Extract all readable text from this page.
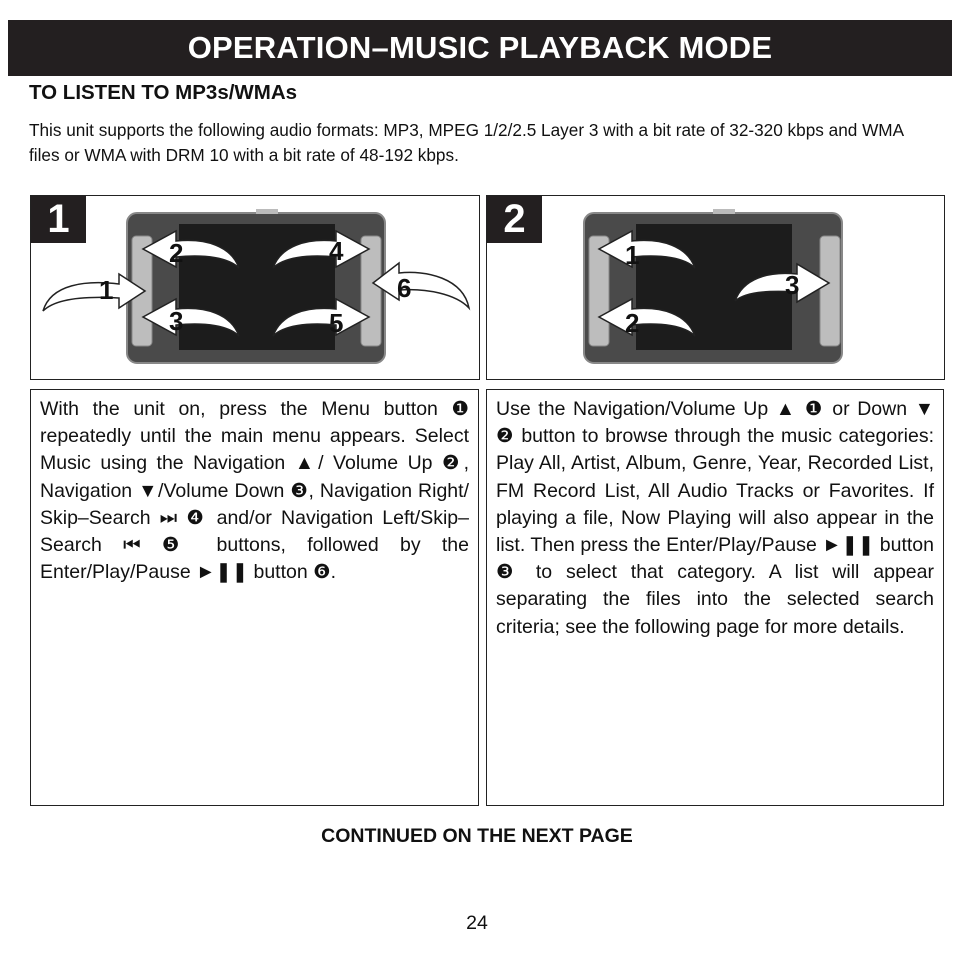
OPERATION–MUSIC PLAYBACK MODE
TO LISTEN TO MP3s/WMAs
This unit supports the following audio formats: MP3, MPEG 1/2/2.5 Layer 3 with a bit rate of 32-320 kbps and WMA files or WMA with DRM 10 with a bit rate of 48-192 kbps.
1
2
3
4
5
6
1
1
2
3
2
With the unit on, press the Menu button ❶ repeatedly until the main menu appears. Select Music using the Navigation ▲/ Volume Up ❷, Navigation ▼/Volume Down ❸, Navigation Right/ Skip–Search ⏭ ❹ and/or Navigation Left/Skip–Search ⏮ ❺ buttons, followed by the Enter/Play/Pause ►❚❚ button ❻.
Use the Navigation/Volume Up ▲ ❶ or Down ▼ ❷ button to browse through the music categories: Play All, Artist, Album, Genre, Year, Recorded List, FM Record List, All Audio Tracks or Favorites. If playing a file, Now Playing will also appear in the list. Then press the Enter/Play/Pause ►❚❚ button ❸ to select that category. A list will appear separating the files into the selected search criteria; see the following page for more details.
CONTINUED ON THE NEXT PAGE
24
